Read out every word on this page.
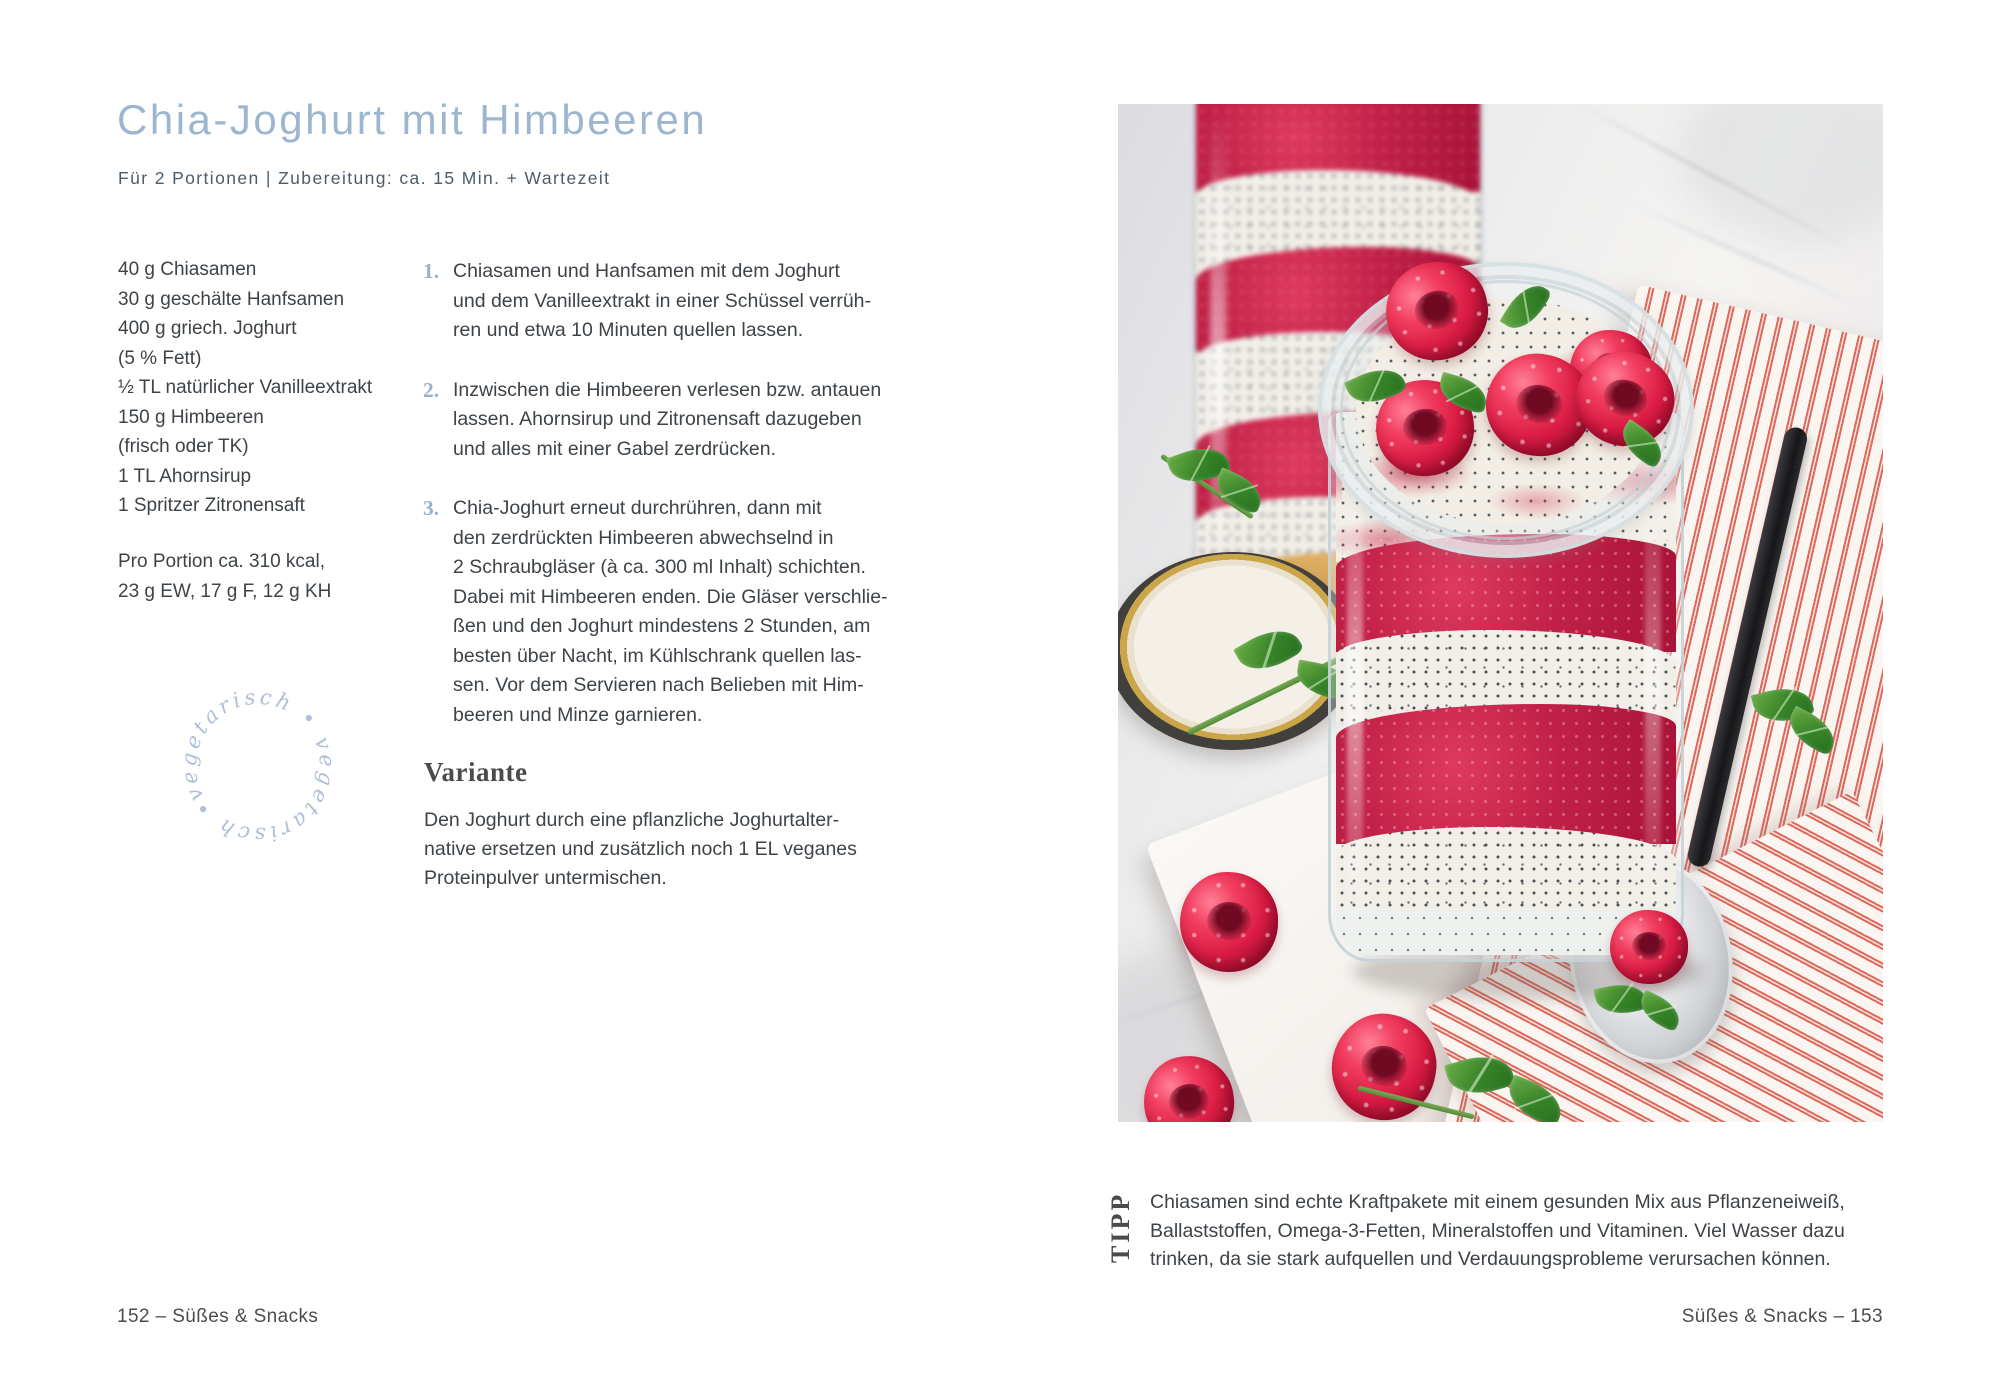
Chia-Joghurt mit Himbeeren
Für 2 Portionen | Zubereitung: ca. 15 Min. + Wartezeit
40 g Chiasamen
30 g geschälte Hanfsamen
400 g griech. Joghurt
(5 % Fett)
½ TL natürlicher Vanilleextrakt
150 g Himbeeren
(frisch oder TK)
1 TL Ahornsirup
1 Spritzer Zitronensaft
Pro Portion ca. 310 kcal,
23 g EW, 17 g F, 12 g KH
1. Chiasamen und Hanfsamen mit dem Joghurt
und dem Vanilleextrakt in einer Schüssel verrüh-
ren und etwa 10 Minuten quellen lassen.
2. Inzwischen die Himbeeren verlesen bzw. antauen
lassen. Ahornsirup und Zitronensaft dazugeben
und alles mit einer Gabel zerdrücken.
3. Chia-Joghurt erneut durchrühren, dann mit
den zerdrückten Himbeeren abwechselnd in
2 Schraubgläser (à ca. 300 ml Inhalt) schichten.
Dabei mit Himbeeren enden. Die Gläser verschlie-
ßen und den Joghurt mindestens 2 Stunden, am
besten über Nacht, im Kühlschrank quellen las-
sen. Vor dem Servieren nach Belieben mit Him-
beeren und Minze garnieren.
Variante
Den Joghurt durch eine pflanzliche Joghurtalter-
native ersetzen und zusätzlich noch 1 EL veganes
Proteinpulver untermischen.
vegetarisch • vegetarisch •
152 – Süßes & Snacks	Süßes & Snacks – 153
TIPP Chiasamen sind echte Kraftpakete mit einem gesunden Mix aus Pflanzeneiweiß,
Ballaststoffen, Omega-3-Fetten, Mineralstoffen und Vitaminen. Viel Wasser dazu
trinken, da sie stark aufquellen und Verdauungsprobleme verursachen können.
